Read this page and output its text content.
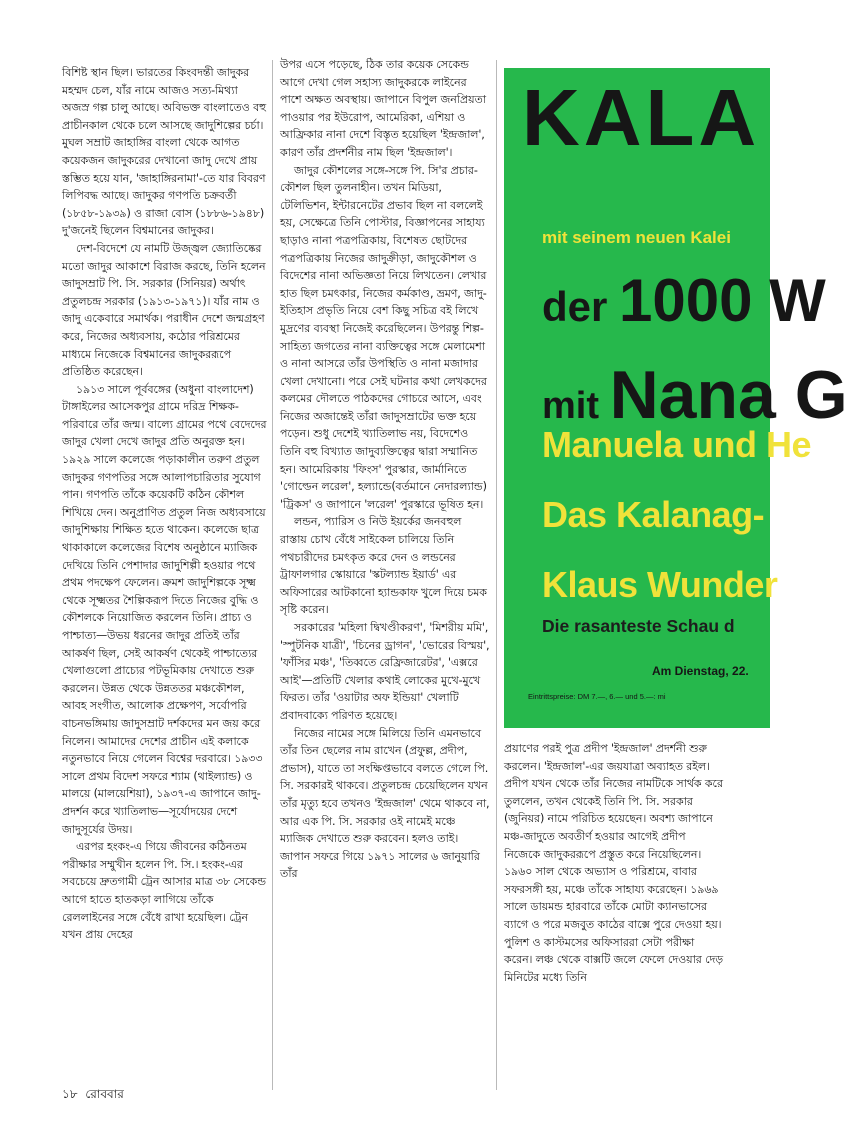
বিশিষ্ট স্থান ছিল। ভারতের কিংবদন্তী জাদুকর মহম্মদ চেল, যাঁর নামে আজও সত্য-মিথ্যা অজস্র গল্প চালু আছে। অবিভক্ত বাংলাতেও বহু প্রাচীনকাল থেকে চলে আসছে জাদুশিল্পের চর্চা। মুঘল সম্রাট জাহাঙ্গির বাংলা থেকে আগত কয়েকজন জাদুকরের দেখানো জাদু দেখে প্রায় স্তম্ভিত হয়ে যান, 'জাহাঙ্গিরনামা'-তে যার বিবরণ লিপিবদ্ধ আছে। জাদুকর গণপতি চক্রবর্তী (১৮৫৮-১৯৩৯) ও রাজা বোস (১৮৮৬-১৯৪৮) দু'জনেই ছিলেন বিশ্বমানের জাদুকর।

দেশ-বিদেশে যে নামটি উজ্জ্বল জ্যোতিষ্কের মতো জাদুর আকাশে বিরাজ করছে, তিনি হলেন জাদুসম্রাট পি. সি. সরকার (সিনিয়র) অর্থাৎ প্রতুলচন্দ্র সরকার (১৯১৩-১৯৭১)। যাঁর নাম ও জাদু একেবারে সমার্থক। পরাধীন দেশে জন্মগ্রহণ করে, নিজের অধ্যবসায়, কঠোর পরিশ্রমের মাধ্যমে নিজেকে বিশ্বমানের জাদুকররূপে প্রতিষ্ঠিত করেছেন।

১৯১৩ সালে পূর্ববঙ্গের (অধুনা বাংলাদেশ) টাঙ্গাইলের আসেকপুর গ্রামে দরিদ্র শিক্ষক-পরিবারে তাঁর জন্ম। বাল্যে গ্রামের পথে বেদেদের জাদুর খেলা দেখে জাদুর প্রতি অনুরক্ত হন। ১৯২৯ সালে কলেজে পড়াকালীন তরুণ প্রতুল জাদুকর গণপতির সঙ্গে আলাপচারিতার সুযোগ পান। গণপতি তাঁকে কয়েকটি কঠিন কৌশল শিখিয়ে দেন। অনুপ্রাণিত প্রতুল নিজ অধ্যবসায়ে জাদুশিক্ষায় শিক্ষিত হতে থাকেন। কলেজে ছাত্র থাকাকালে কলেজের বিশেষ অনুষ্ঠানে ম্যাজিক দেখিয়ে তিনি পেশাদার জাদুশিল্পী হওয়ার পথে প্রথম পদক্ষেপ ফেলেন। ক্রমশ জাদুশিল্পকে সূক্ষ্ম থেকে সূক্ষ্মতর শৈল্পিকরূপ দিতে নিজের বুদ্ধি ও কৌশলকে নিয়োজিত করলেন তিনি। প্রাচ্য ও পাশ্চাত্য—উভয় ধরনের জাদুর প্রতিই তাঁর আকর্ষণ ছিল, সেই আকর্ষণ থেকেই পাশ্চাত্যের খেলাগুলো প্রাচ্যের পটভূমিকায় দেখাতে শুরু করলেন। উন্নত থেকে উন্নততর মঞ্চকৌশল, আবহ সংগীত, আলোক প্রক্ষেপণ, সর্বোপরি বাচনভঙ্গিমায় জাদুসম্রাট দর্শকদের মন জয় করে নিলেন। আমাদের দেশের প্রাচীন এই কলাকে নতুনভাবে নিয়ে গেলেন বিশ্বের দরবারে। ১৯৩৩ সালে প্রথম বিদেশ সফরে শ্যাম (থাইল্যান্ড) ও মালয়ে (মালয়েশিয়া), ১৯৩৭-এ জাপানে জাদু-প্রদর্শন করে খ্যাতিলাভ—সূর্যোদয়ের দেশে জাদুসূর্যের উদয়।

এরপর হংকং-এ গিয়ে জীবনের কঠিনতম পরীক্ষার সম্মুখীন হলেন পি. সি.। হংকং-এর সবচেয়ে দ্রুতগামী ট্রেন আসার মাত্র ৩৮ সেকেন্ড আগে হাতে হাতকড়া লাগিয়ে তাঁকে রেললাইনের সঙ্গে বেঁধে রাখা হয়েছিল। ট্রেন যখন প্রায় দেহের

উপর এসে পড়েছে, ঠিক তার কয়েক সেকেন্ড আগে দেখা গেল সহাস্য জাদুকরকে লাইনের পাশে অক্ষত অবস্থায়। জাপানে বিপুল জনপ্রিয়তা পাওয়ার পর ইউরোপ, আমেরিকা, এশিয়া ও আফ্রিকার নানা দেশে বিস্তৃত হয়েছিল 'ইন্দ্রজাল', কারণ তাঁর প্রদর্শনীর নাম ছিল 'ইন্দ্রজাল'।

জাদুর কৌশলের সঙ্গে-সঙ্গে পি. সি'র প্রচার-কৌশল ছিল তুলনাহীন। তখন মিডিয়া, টেলিভিশন, ইন্টারনেটের প্রভাব ছিল না বললেই হয়, সেক্ষেত্রে তিনি পোস্টার, বিজ্ঞাপনের সাহায্য ছাড়াও নানা পত্রপত্রিকায়, বিশেষত ছোটদের পত্রপত্রিকায় নিজের জাদুক্রীড়া, জাদুকৌশল ও বিদেশের নানা অভিজ্ঞতা নিয়ে লিখতেন। লেখার হাত ছিল চমৎকার, নিজের কর্মকাণ্ড, ভ্রমণ, জাদু-ইতিহাস প্রভৃতি নিয়ে বেশ কিছু সচিত্র বই লিখে মুদ্রণের ব্যবস্থা নিজেই করেছিলেন। উপরন্তু শিল্প-সাহিত্য জগতের নানা ব্যক্তিত্বের সঙ্গে মেলামেশা ও নানা আসরে তাঁর উপস্থিতি ও নানা মজাদার খেলা দেখানো। পরে সেই ঘটনার কথা লেখকদের কলমের দৌলতে পাঠকদের গোচরে আসে, এবং নিজের অজান্তেই তাঁরা জাদুসম্রাটের ভক্ত হয়ে পড়েন। শুধু দেশেই খ্যাতিলাভ নয়, বিদেশেও তিনি বহু বিখ্যাত জাদুব্যক্তিত্বের দ্বারা সম্মানিত হন। আমেরিকায় 'ফিংস' পুরস্কার, জার্মানিতে 'গোল্ডেন লরেল', হল্যান্ডে(বর্তমানে নেদারল্যান্ড) 'ট্রিকস' ও জাপানে 'লরেল' পুরস্কারে ভূষিত হন।

লন্ডন, প্যারিস ও নিউ ইয়র্কের জনবহুল রাস্তায় চোখ বেঁধে সাইকেল চালিয়ে তিনি পথচারীদের চমৎকৃত করে দেন ও লন্ডনের ট্রাফালগার স্কোয়ারে 'স্কটল্যান্ড ইয়ার্ড' এর অফিসারের আটকানো হ্যান্ডকাফ খুলে দিয়ে চমক সৃষ্টি করেন।

সরকারের 'মহিলা দ্বিখণ্ডীকরণ', 'মিশরীয় মমি', 'স্পুটনিক যাত্রী', 'চিনের ড্রাগন', 'ভোরের বিস্ময়', 'ফাঁসির মঞ্চ', 'তিব্বতে রেফ্রিজারেটর', 'এক্সরে আই'—প্রতিটি খেলার কথাই লোকের মুখে-মুখে ফিরত। তাঁর 'ওয়াটার অফ ইন্ডিয়া' খেলাটি প্রবাদবাক্যে পরিণত হয়েছে।

নিজের নামের সঙ্গে মিলিয়ে তিনি এমনভাবে তাঁর তিন ছেলের নাম রাখেন (প্রফুল্ল, প্রদীপ, প্রভাস), যাতে তা সংক্ষিপ্তভাবে বলতে গেলে পি. সি. সরকারই থাকবে। প্রতুলচন্দ্র চেয়েছিলেন যখন তাঁর মৃত্যু হবে তখনও 'ইন্দ্রজাল' থেমে থাকবে না, আর এক পি. সি. সরকার ওই নামেই মঞ্চে ম্যাজিক দেখাতে শুরু করবেন। হলও তাই। জাপান সফরে গিয়ে ১৯৭১ সালের ৬ জানুয়ারি তাঁর

KALA
mit seinem neuen Kalei
der 1000 W
mit Nana G
Manuela und He
Das Kalanag-
Klaus Wunder
Die rasanteste Schau d
Am Dienstag, 22.
Eintrittspreise: DM 7.—, 6.— und 5.—: mi

প্রয়াণের পরই পুত্র প্রদীপ 'ইন্দ্রজাল' প্রদর্শনী শুরু করলেন। 'ইন্দ্রজাল'-এর জয়যাত্রা অব্যাহত রইল। প্রদীপ যখন থেকে তাঁর নিজের নামটিকে সার্থক করে তুললেন, তখন থেকেই তিনি পি. সি. সরকার (জুনিয়র) নামে পরিচিত হয়েছেন। অবশ্য জাপানে মঞ্চ-জাদুতে অবতীর্ণ হওয়ার আগেই প্রদীপ নিজেকে জাদুকররূপে প্রস্তুত করে নিয়েছিলেন। ১৯৬০ সাল থেকে অভ্যাস ও পরিশ্রমে, বাবার সফরসঙ্গী হয়, মঞ্চে তাঁকে সাহায্য করেছেন। ১৯৬৯ সালে ডায়মন্ড হারবারে তাঁকে মোটা ক্যানভাসের ব্যাগে ও পরে মজবুত কাঠের বাক্সে পুরে দেওয়া হয়। পুলিশ ও কাস্টমসের অফিসাররা সেটা পরীক্ষা করেন। লঞ্চ থেকে বাক্সটি জলে ফেলে দেওয়ার দেড় মিনিটের মধ্যে তিনি

১৮ রোববার
